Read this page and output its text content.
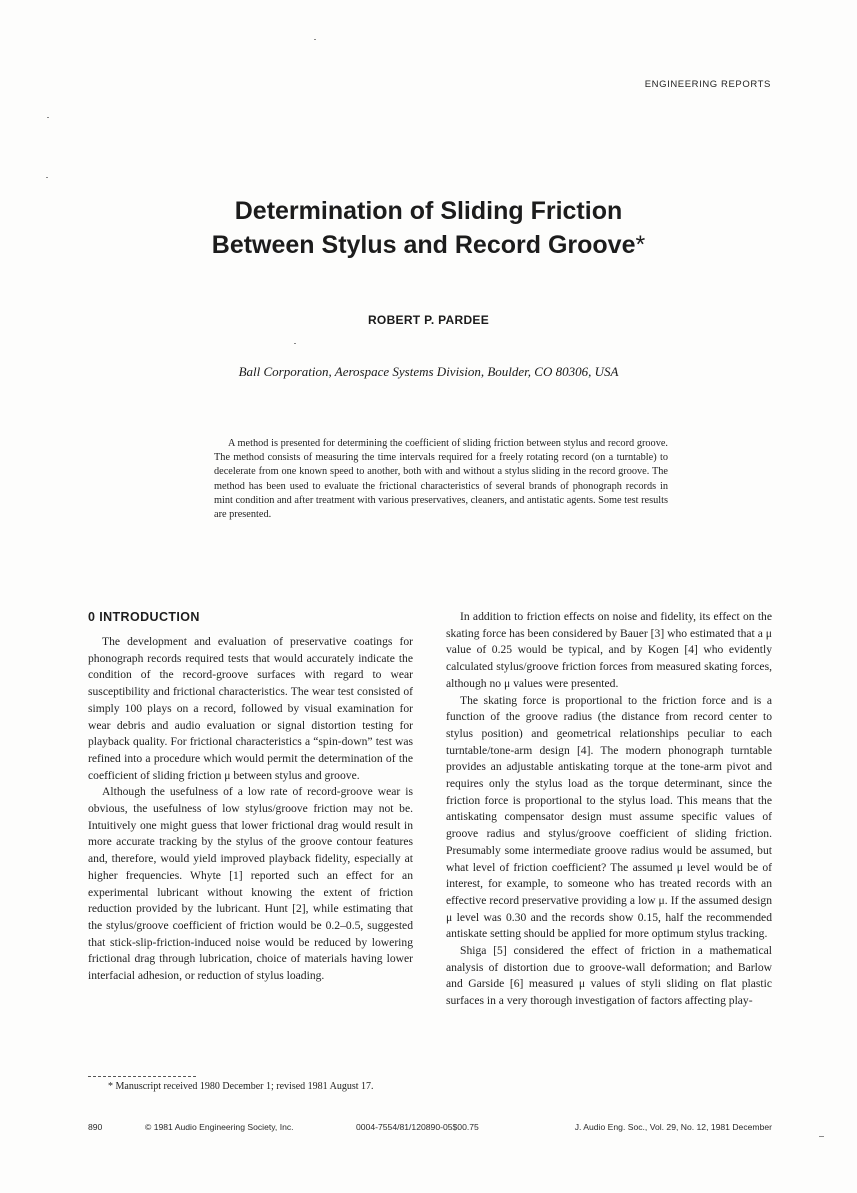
ENGINEERING REPORTS
Determination of Sliding Friction
Between Stylus and Record Groove*
ROBERT P. PARDEE
Ball Corporation, Aerospace Systems Division, Boulder, CO 80306, USA

A method is presented for determining the coefficient of sliding friction between stylus and record groove. The method consists of measuring the time intervals required for a freely rotating record (on a turntable) to decelerate from one known speed to another, both with and without a stylus sliding in the record groove. The method has been used to evaluate the frictional characteristics of several brands of phonograph records in mint condition and after treatment with various preservatives, cleaners, and antistatic agents. Some test results are presented.

0 INTRODUCTION

The development and evaluation of preservative coatings for phonograph records required tests that would accurately indicate the condition of the record-groove surfaces with regard to wear susceptibility and frictional characteristics. The wear test consisted of simply 100 plays on a record, followed by visual examination for wear debris and audio evaluation or signal distortion testing for playback quality. For frictional characteristics a “spin-down” test was refined into a procedure which would permit the determination of the coefficient of sliding friction μ between stylus and groove.

Although the usefulness of a low rate of record-groove wear is obvious, the usefulness of low stylus/groove friction may not be. Intuitively one might guess that lower frictional drag would result in more accurate tracking by the stylus of the groove contour features and, therefore, would yield improved playback fidelity, especially at higher frequencies. Whyte [1] reported such an effect for an experimental lubricant without knowing the extent of friction reduction provided by the lubricant. Hunt [2], while estimating that the stylus/groove coefficient of friction would be 0.2–0.5, suggested that stick-slip-friction-induced noise would be reduced by lowering frictional drag through lubrication, choice of materials having lower interfacial adhesion, or reduction of stylus loading.

In addition to friction effects on noise and fidelity, its effect on the skating force has been considered by Bauer [3] who estimated that a μ value of 0.25 would be typical, and by Kogen [4] who evidently calculated stylus/groove friction forces from measured skating forces, although no μ values were presented.

The skating force is proportional to the friction force and is a function of the groove radius (the distance from record center to stylus position) and geometrical relationships peculiar to each turntable/tone-arm design [4]. The modern phonograph turntable provides an adjustable antiskating torque at the tone-arm pivot and requires only the stylus load as the torque determinant, since the friction force is proportional to the stylus load. This means that the antiskating compensator design must assume specific values of groove radius and stylus/groove coefficient of sliding friction. Presumably some intermediate groove radius would be assumed, but what level of friction coefficient? The assumed μ level would be of interest, for example, to someone who has treated records with an effective record preservative providing a low μ. If the assumed design μ level was 0.30 and the records show 0.15, half the recommended antiskate setting should be applied for more optimum stylus tracking.

Shiga [5] considered the effect of friction in a mathematical analysis of distortion due to groove-wall deformation; and Barlow and Garside [6] measured μ values of styli sliding on flat plastic surfaces in a very thorough investigation of factors affecting play-

* Manuscript received 1980 December 1; revised 1981 August 17.

890	© 1981 Audio Engineering Society, Inc.	0004-7554/81/120890-05$00.75	J. Audio Eng. Soc., Vol. 29, No. 12, 1981 December
